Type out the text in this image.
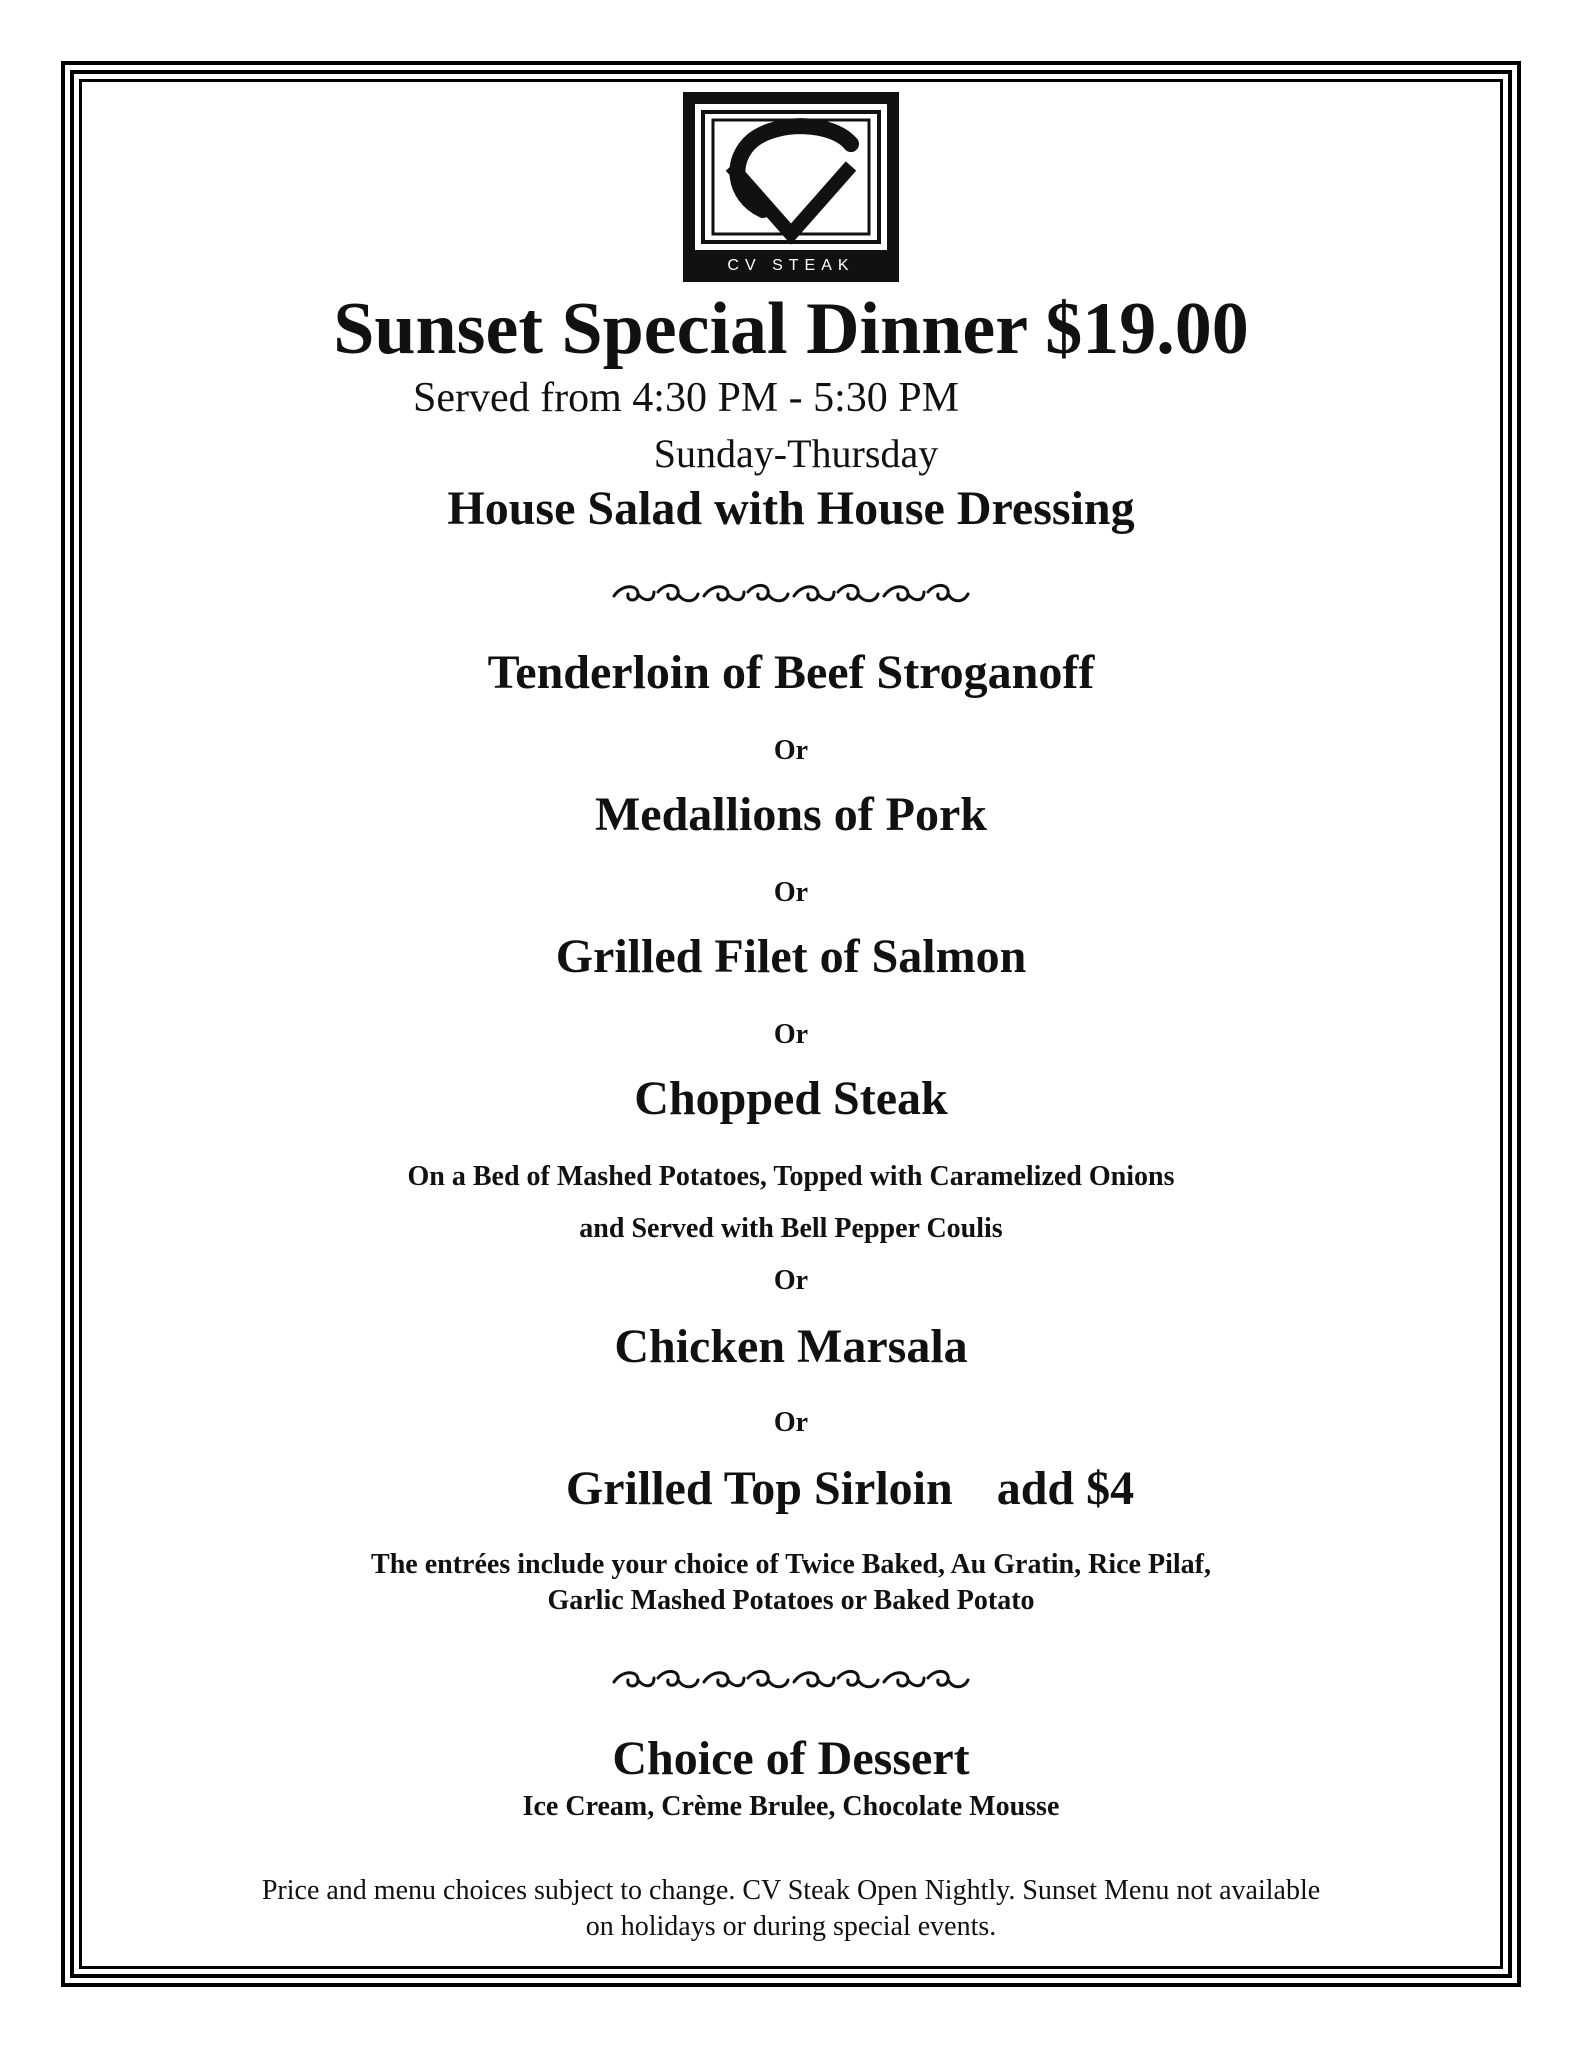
CV STEAK
Sunset Special Dinner $19.00
Served from 4:30 PM - 5:30 PM
Sunday-Thursday
House Salad with House Dressing
Tenderloin of Beef Stroganoff
Or
Medallions of Pork
Or
Grilled Filet of Salmon
Or
Chopped Steak
On a Bed of Mashed Potatoes, Topped with Caramelized Onions
and Served with Bell Pepper Coulis
Or
Chicken Marsala
Or
Grilled Top Sirloin add $4
The entrées include your choice of Twice Baked, Au Gratin, Rice Pilaf,
Garlic Mashed Potatoes or Baked Potato
Choice of Dessert
Ice Cream, Crème Brulee, Chocolate Mousse
Price and menu choices subject to change. CV Steak Open Nightly. Sunset Menu not available
on holidays or during special events.
